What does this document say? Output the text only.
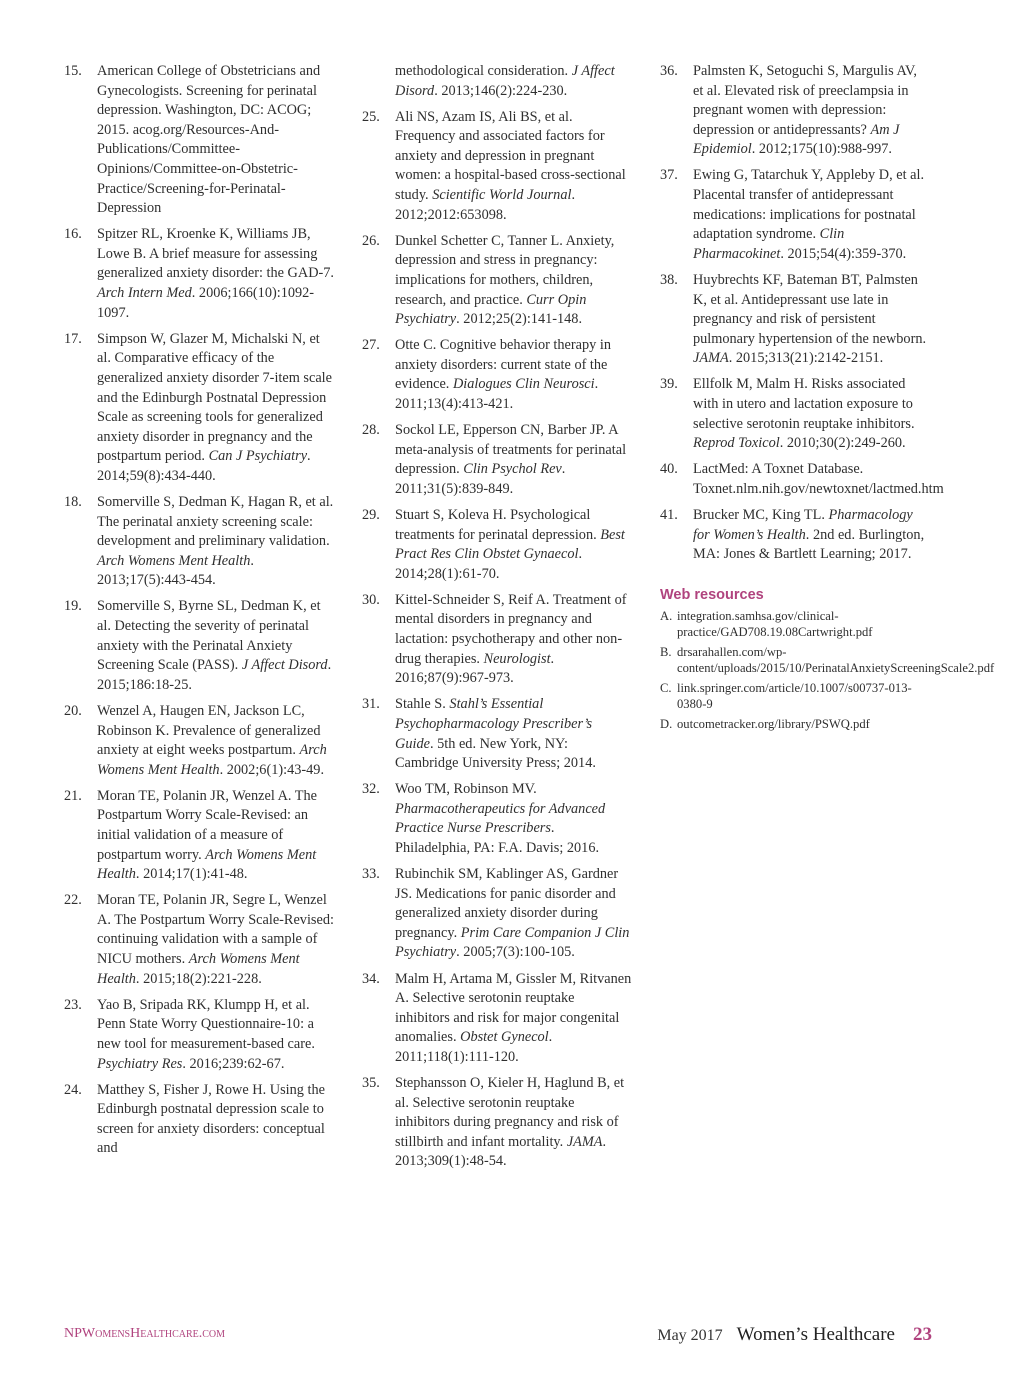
15. American College of Obstetricians and Gynecologists. Screening for perinatal depression. Washington, DC: ACOG; 2015. acog.org/Resources-And-Publications/Committee-Opinions/Committee-on-Obstetric-Practice/Screening-for-Perinatal-Depression
16. Spitzer RL, Kroenke K, Williams JB, Lowe B. A brief measure for assessing generalized anxiety disorder: the GAD-7. Arch Intern Med. 2006;166(10):1092-1097.
17. Simpson W, Glazer M, Michalski N, et al. Comparative efficacy of the generalized anxiety disorder 7-item scale and the Edinburgh Postnatal Depression Scale as screening tools for generalized anxiety disorder in pregnancy and the postpartum period. Can J Psychiatry. 2014;59(8):434-440.
18. Somerville S, Dedman K, Hagan R, et al. The perinatal anxiety screening scale: development and preliminary validation. Arch Womens Ment Health. 2013;17(5):443-454.
19. Somerville S, Byrne SL, Dedman K, et al. Detecting the severity of perinatal anxiety with the Perinatal Anxiety Screening Scale (PASS). J Affect Disord. 2015;186:18-25.
20. Wenzel A, Haugen EN, Jackson LC, Robinson K. Prevalence of generalized anxiety at eight weeks postpartum. Arch Womens Ment Health. 2002;6(1):43-49.
21. Moran TE, Polanin JR, Wenzel A. The Postpartum Worry Scale-Revised: an initial validation of a measure of postpartum worry. Arch Womens Ment Health. 2014;17(1):41-48.
22. Moran TE, Polanin JR, Segre L, Wenzel A. The Postpartum Worry Scale-Revised: continuing validation with a sample of NICU mothers. Arch Womens Ment Health. 2015;18(2):221-228.
23. Yao B, Sripada RK, Klumpp H, et al. Penn State Worry Questionnaire-10: a new tool for measurement-based care. Psychiatry Res. 2016;239:62-67.
24. Matthey S, Fisher J, Rowe H. Using the Edinburgh postnatal depression scale to screen for anxiety disorders: conceptual and
methodological consideration. J Affect Disord. 2013;146(2):224-230.
25. Ali NS, Azam IS, Ali BS, et al. Frequency and associated factors for anxiety and depression in pregnant women: a hospital-based cross-sectional study. Scientific World Journal. 2012;2012:653098.
26. Dunkel Schetter C, Tanner L. Anxiety, depression and stress in pregnancy: implications for mothers, children, research, and practice. Curr Opin Psychiatry. 2012;25(2):141-148.
27. Otte C. Cognitive behavior therapy in anxiety disorders: current state of the evidence. Dialogues Clin Neurosci. 2011;13(4):413-421.
28. Sockol LE, Epperson CN, Barber JP. A meta-analysis of treatments for perinatal depression. Clin Psychol Rev. 2011;31(5):839-849.
29. Stuart S, Koleva H. Psychological treatments for perinatal depression. Best Pract Res Clin Obstet Gynaecol. 2014;28(1):61-70.
30. Kittel-Schneider S, Reif A. Treatment of mental disorders in pregnancy and lactation: psychotherapy and other non-drug therapies. Neurologist. 2016;87(9):967-973.
31. Stahle S. Stahl’s Essential Psychopharmacology Prescriber’s Guide. 5th ed. New York, NY: Cambridge University Press; 2014.
32. Woo TM, Robinson MV. Pharmacotherapeutics for Advanced Practice Nurse Prescribers. Philadelphia, PA: F.A. Davis; 2016.
33. Rubinchik SM, Kablinger AS, Gardner JS. Medications for panic disorder and generalized anxiety disorder during pregnancy. Prim Care Companion J Clin Psychiatry. 2005;7(3):100-105.
34. Malm H, Artama M, Gissler M, Ritvanen A. Selective serotonin reuptake inhibitors and risk for major congenital anomalies. Obstet Gynecol. 2011;118(1):111-120.
35. Stephansson O, Kieler H, Haglund B, et al. Selective serotonin reuptake inhibitors during pregnancy and risk of stillbirth and infant mortality. JAMA. 2013;309(1):48-54.
36. Palmsten K, Setoguchi S, Margulis AV, et al. Elevated risk of preeclampsia in pregnant women with depression: depression or antidepressants? Am J Epidemiol. 2012;175(10):988-997.
37. Ewing G, Tatarchuk Y, Appleby D, et al. Placental transfer of antidepressant medications: implications for postnatal adaptation syndrome. Clin Pharmacokinet. 2015;54(4):359-370.
38. Huybrechts KF, Bateman BT, Palmsten K, et al. Antidepressant use late in pregnancy and risk of persistent pulmonary hypertension of the newborn. JAMA. 2015;313(21):2142-2151.
39. Ellfolk M, Malm H. Risks associated with in utero and lactation exposure to selective serotonin reuptake inhibitors. Reprod Toxicol. 2010;30(2):249-260.
40. LactMed: A Toxnet Database. Toxnet.nlm.nih.gov/newtoxnet/lactmed.htm
41. Brucker MC, King TL. Pharmacology for Women’s Health. 2nd ed. Burlington, MA: Jones & Bartlett Learning; 2017.
Web resources
A. integration.samhsa.gov/clinical-practice/GAD708.19.08Cartwright.pdf
B. drsarahallen.com/wp-content/uploads/2015/10/PerinatalAnxietyScreeningScale2.pdf
C. link.springer.com/article/10.1007/s00737-013-0380-9
D. outcometracker.org/library/PSWQ.pdf
NPWomensHealthcare.com	May 2017 Women’s Healthcare 23
